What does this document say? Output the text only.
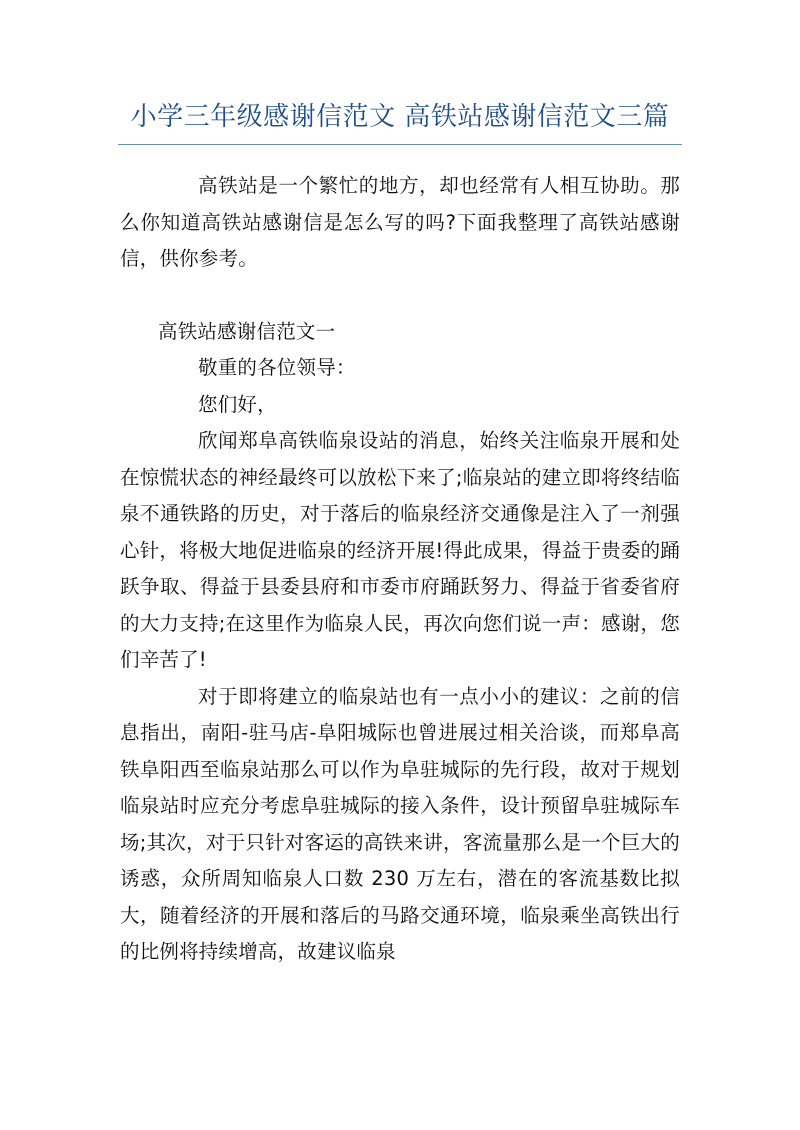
小学三年级感谢信范文 高铁站感谢信范文三篇

高铁站是一个繁忙的地方，却也经常有人相互协助。那么你知道高铁站感谢信是怎么写的吗?下面我整理了高铁站感谢信，供你参考。

高铁站感谢信范文一

敬重的各位领导：

您们好，

欣闻郑阜高铁临泉设站的消息，始终关注临泉开展和处在惊慌状态的神经最终可以放松下来了;临泉站的建立即将终结临泉不通铁路的历史，对于落后的临泉经济交通像是注入了一剂强心针，将极大地促进临泉的经济开展!得此成果，得益于贵委的踊跃争取、得益于县委县府和市委市府踊跃努力、得益于省委省府的大力支持;在这里作为临泉人民，再次向您们说一声：感谢，您们辛苦了!

对于即将建立的临泉站也有一点小小的建议：之前的信息指出，南阳-驻马店-阜阳城际也曾进展过相关洽谈，而郑阜高铁阜阳西至临泉站那么可以作为阜驻城际的先行段，故对于规划临泉站时应充分考虑阜驻城际的接入条件，设计预留阜驻城际车场;其次，对于只针对客运的高铁来讲，客流量那么是一个巨大的诱惑，众所周知临泉人口数 230 万左右，潜在的客流基数比拟大，随着经济的开展和落后的马路交通环境，临泉乘坐高铁出行的比例将持续增高，故建议临泉
